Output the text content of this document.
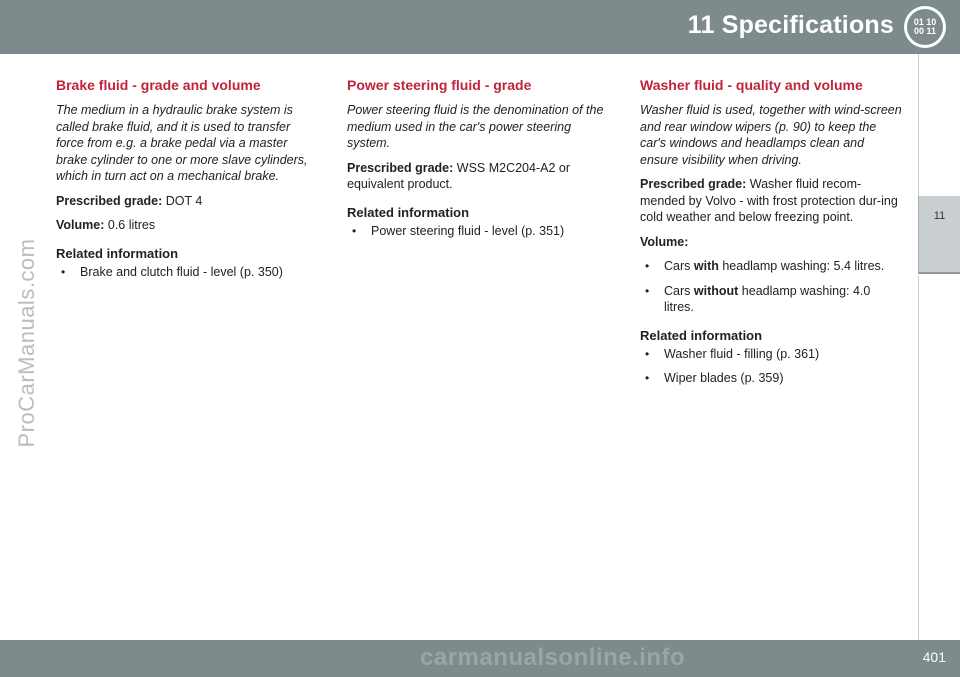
11 Specifications 01 10
00 11
11
ProCarManuals.com
Brake fluid - grade and volume

The medium in a hydraulic brake system is called brake fluid, and it is used to transfer force from e.g. a brake pedal via a master brake cylinder to one or more slave cylinders, which in turn act on a mechanical brake.

Prescribed grade: DOT 4

Volume: 0.6 litres

Related information
• Brake and clutch fluid - level (p. 350)
Power steering fluid - grade

Power steering fluid is the denomination of the medium used in the car's power steering system.

Prescribed grade: WSS M2C204-A2 or equivalent product.

Related information
• Power steering fluid - level (p. 351)
Washer fluid - quality and volume

Washer fluid is used, together with wind-screen and rear window wipers (p. 90) to keep the car's windows and headlamps clean and ensure visibility when driving.

Prescribed grade: Washer fluid recom-mended by Volvo - with frost protection dur-ing cold weather and below freezing point.

Volume:

• Cars with headlamp washing: 5.4 litres.
• Cars without headlamp washing: 4.0 litres.
Related information
• Washer fluid - filling (p. 361)
• Wiper blades (p. 359)
carmanualsonline.info	401
